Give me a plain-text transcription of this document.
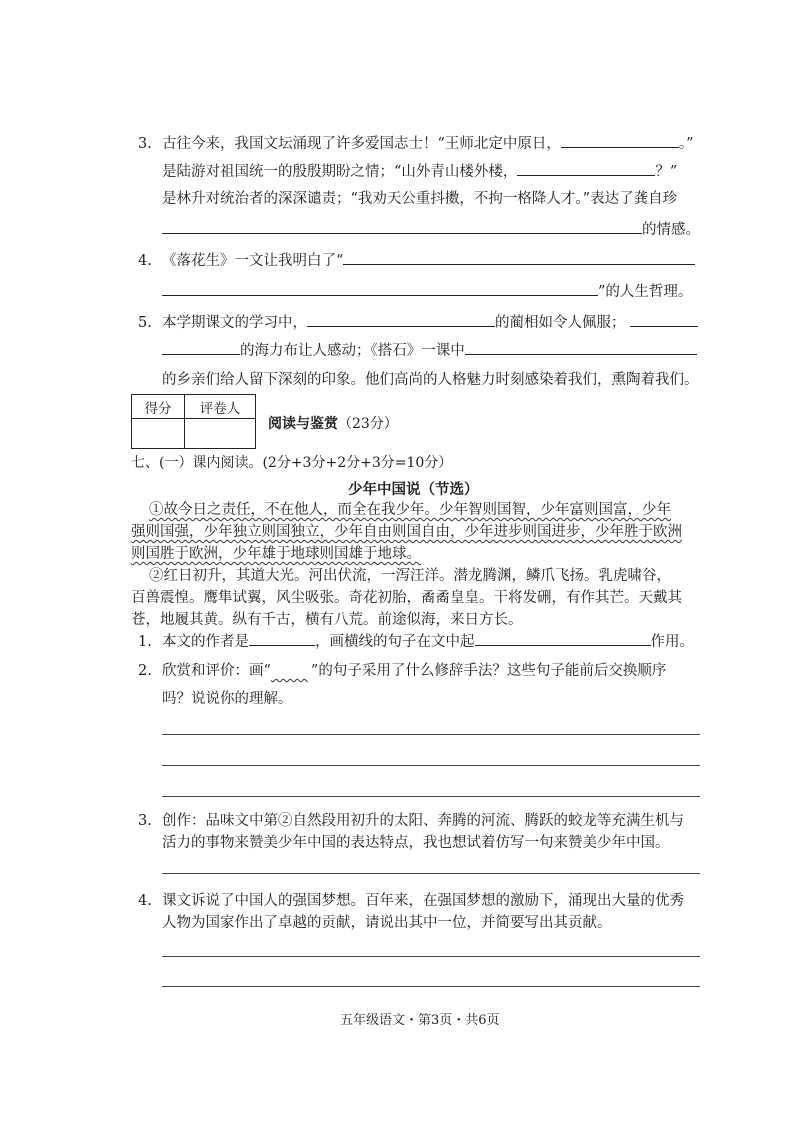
3. 古往今来，我国文坛涌现了许多爱国志士！“王师北定中原日，	。”
是陆游对祖国统一的殷殷期盼之情；“山外青山楼外楼，	？”
是林升对统治者的深深谴责；“我劝天公重抖擞，不拘一格降人才。”表达了龚自珍
的情感。
4. 《落花生》一文让我明白了“
”的人生哲理。
5. 本学期课文的学习中，	的蔺相如令人佩服；
的海力布让人感动；《搭石》一课中
的乡亲们给人留下深刻的印象。他们高尚的人格魅力时刻感染着我们，熏陶着我们。
得分	评卷人

阅读与鉴赏（23分）
七、(一）课内阅读。(2分+3分+2分+3分=10分）
少年中国说（节选）
①故今日之责任，不在他人，而全在我少年。少年智则国智，少年富则国富，少年
强则国强，少年独立则国独立，少年自由则国自由，少年进步则国进步，少年胜于欧洲
则国胜于欧洲，少年雄于地球则国雄于地球。
②红日初升，其道大光。河出伏流，一泻汪洋。潜龙腾渊，鳞爪飞扬。乳虎啸谷，
百兽震惶。鹰隼试翼，风尘吸张。奇花初胎，矞矞皇皇。干将发硎，有作其芒。天戴其
苍，地履其黄。纵有千古，横有八荒。前途似海，来日方长。
1. 本文的作者是	，画横线的句子在文中起	作用。
2. 欣赏和评价：画“	”的句子采用了什么修辞手法？这些句子能前后交换顺序
吗？说说你的理解。
3. 创作：品味文中第②自然段用初升的太阳、奔腾的河流、腾跃的蛟龙等充满生机与
活力的事物来赞美少年中国的表达特点，我也想试着仿写一句来赞美少年中国。
4. 课文诉说了中国人的强国梦想。百年来，在强国梦想的激励下，涌现出大量的优秀
人物为国家作出了卓越的贡献，请说出其中一位，并简要写出其贡献。
五年级语文・第3页・共6页
